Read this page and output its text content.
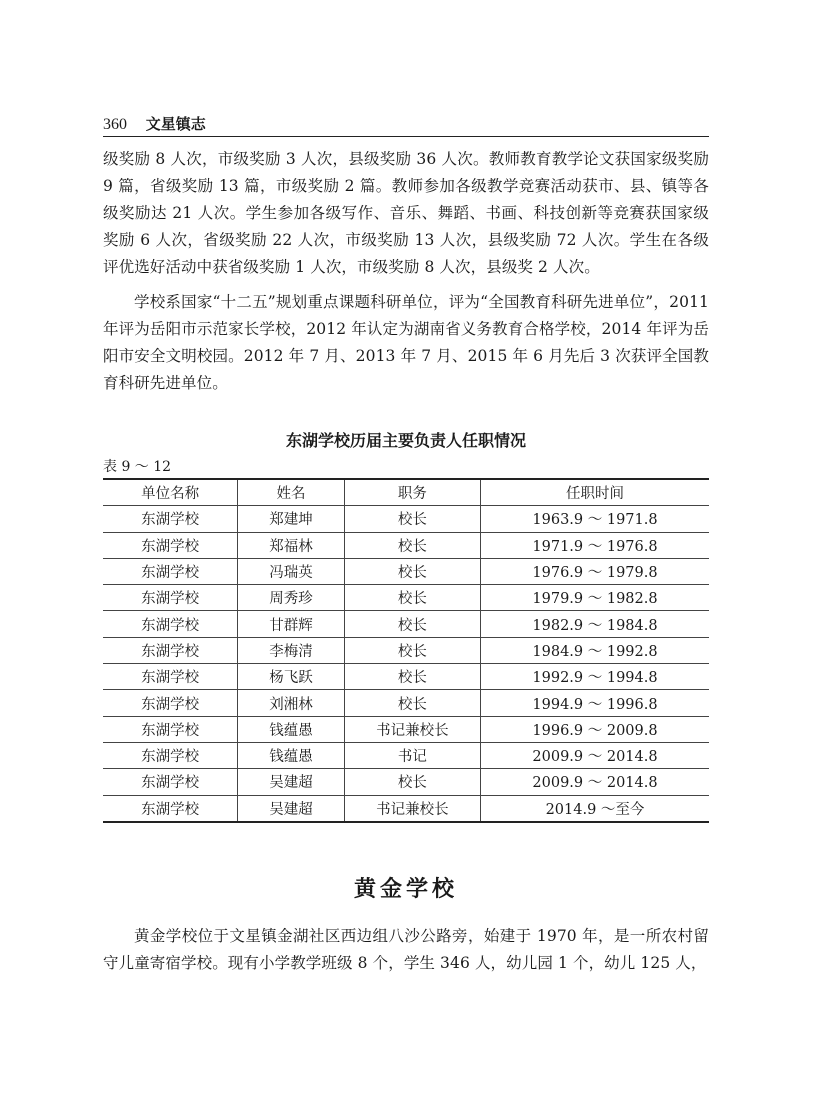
360 文星镇志

级奖励 8 人次，市级奖励 3 人次，县级奖励 36 人次。教师教育教学论文获国家级奖励 9 篇，省级奖励 13 篇，市级奖励 2 篇。教师参加各级教学竞赛活动获市、县、镇等各级奖励达 21 人次。学生参加各级写作、音乐、舞蹈、书画、科技创新等竞赛获国家级奖励 6 人次，省级奖励 22 人次，市级奖励 13 人次，县级奖励 72 人次。学生在各级评优选好活动中获省级奖励 1 人次，市级奖励 8 人次，县级奖 2 人次。

学校系国家“十二五”规划重点课题科研单位，评为“全国教育科研先进单位”，2011 年评为岳阳市示范家长学校，2012 年认定为湖南省义务教育合格学校，2014 年评为岳阳市安全文明校园。2012 年 7 月、2013 年 7 月、2015 年 6 月先后 3 次获评全国教育科研先进单位。

东湖学校历届主要负责人任职情况
表 9 ～ 12
单位名称	姓名	职务	任职时间
东湖学校	郑建坤	校长	1963.9 ～ 1971.8
东湖学校	郑福林	校长	1971.9 ～ 1976.8
东湖学校	冯瑞英	校长	1976.9 ～ 1979.8
东湖学校	周秀珍	校长	1979.9 ～ 1982.8
东湖学校	甘群辉	校长	1982.9 ～ 1984.8
东湖学校	李梅清	校长	1984.9 ～ 1992.8
东湖学校	杨飞跃	校长	1992.9 ～ 1994.8
东湖学校	刘湘林	校长	1994.9 ～ 1996.8
东湖学校	钱蕴愚	书记兼校长	1996.9 ～ 2009.8
东湖学校	钱蕴愚	书记	2009.9 ～ 2014.8
东湖学校	吴建超	校长	2009.9 ～ 2014.8
东湖学校	吴建超	书记兼校长	2014.9 ～至今
黄金学校

黄金学校位于文星镇金湖社区西边组八沙公路旁，始建于 1970 年，是一所农村留守儿童寄宿学校。现有小学教学班级 8 个，学生 346 人，幼儿园 1 个，幼儿 125 人，
